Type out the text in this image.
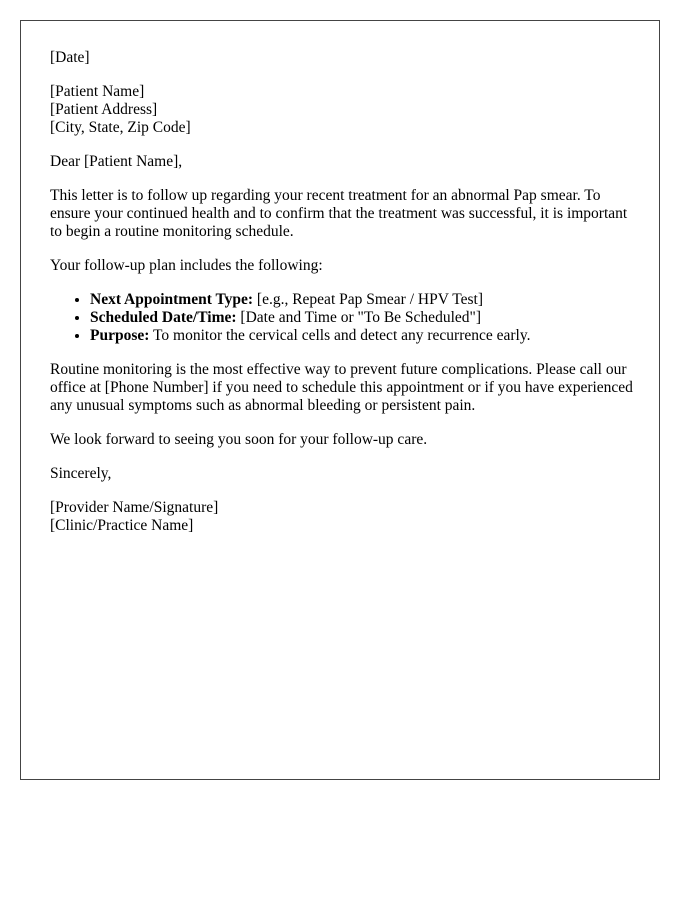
[Date]

[Patient Name]
[Patient Address]
[City, State, Zip Code]

Dear [Patient Name],

This letter is to follow up regarding your recent treatment for an abnormal Pap smear. To ensure your continued health and to confirm that the treatment was successful, it is important to begin a routine monitoring schedule.

Your follow-up plan includes the following:

• Next Appointment Type: [e.g., Repeat Pap Smear / HPV Test]
• Scheduled Date/Time: [Date and Time or "To Be Scheduled"]
• Purpose: To monitor the cervical cells and detect any recurrence early.

Routine monitoring is the most effective way to prevent future complications. Please call our office at [Phone Number] if you need to schedule this appointment or if you have experienced any unusual symptoms such as abnormal bleeding or persistent pain.

We look forward to seeing you soon for your follow-up care.

Sincerely,

[Provider Name/Signature]
[Clinic/Practice Name]
